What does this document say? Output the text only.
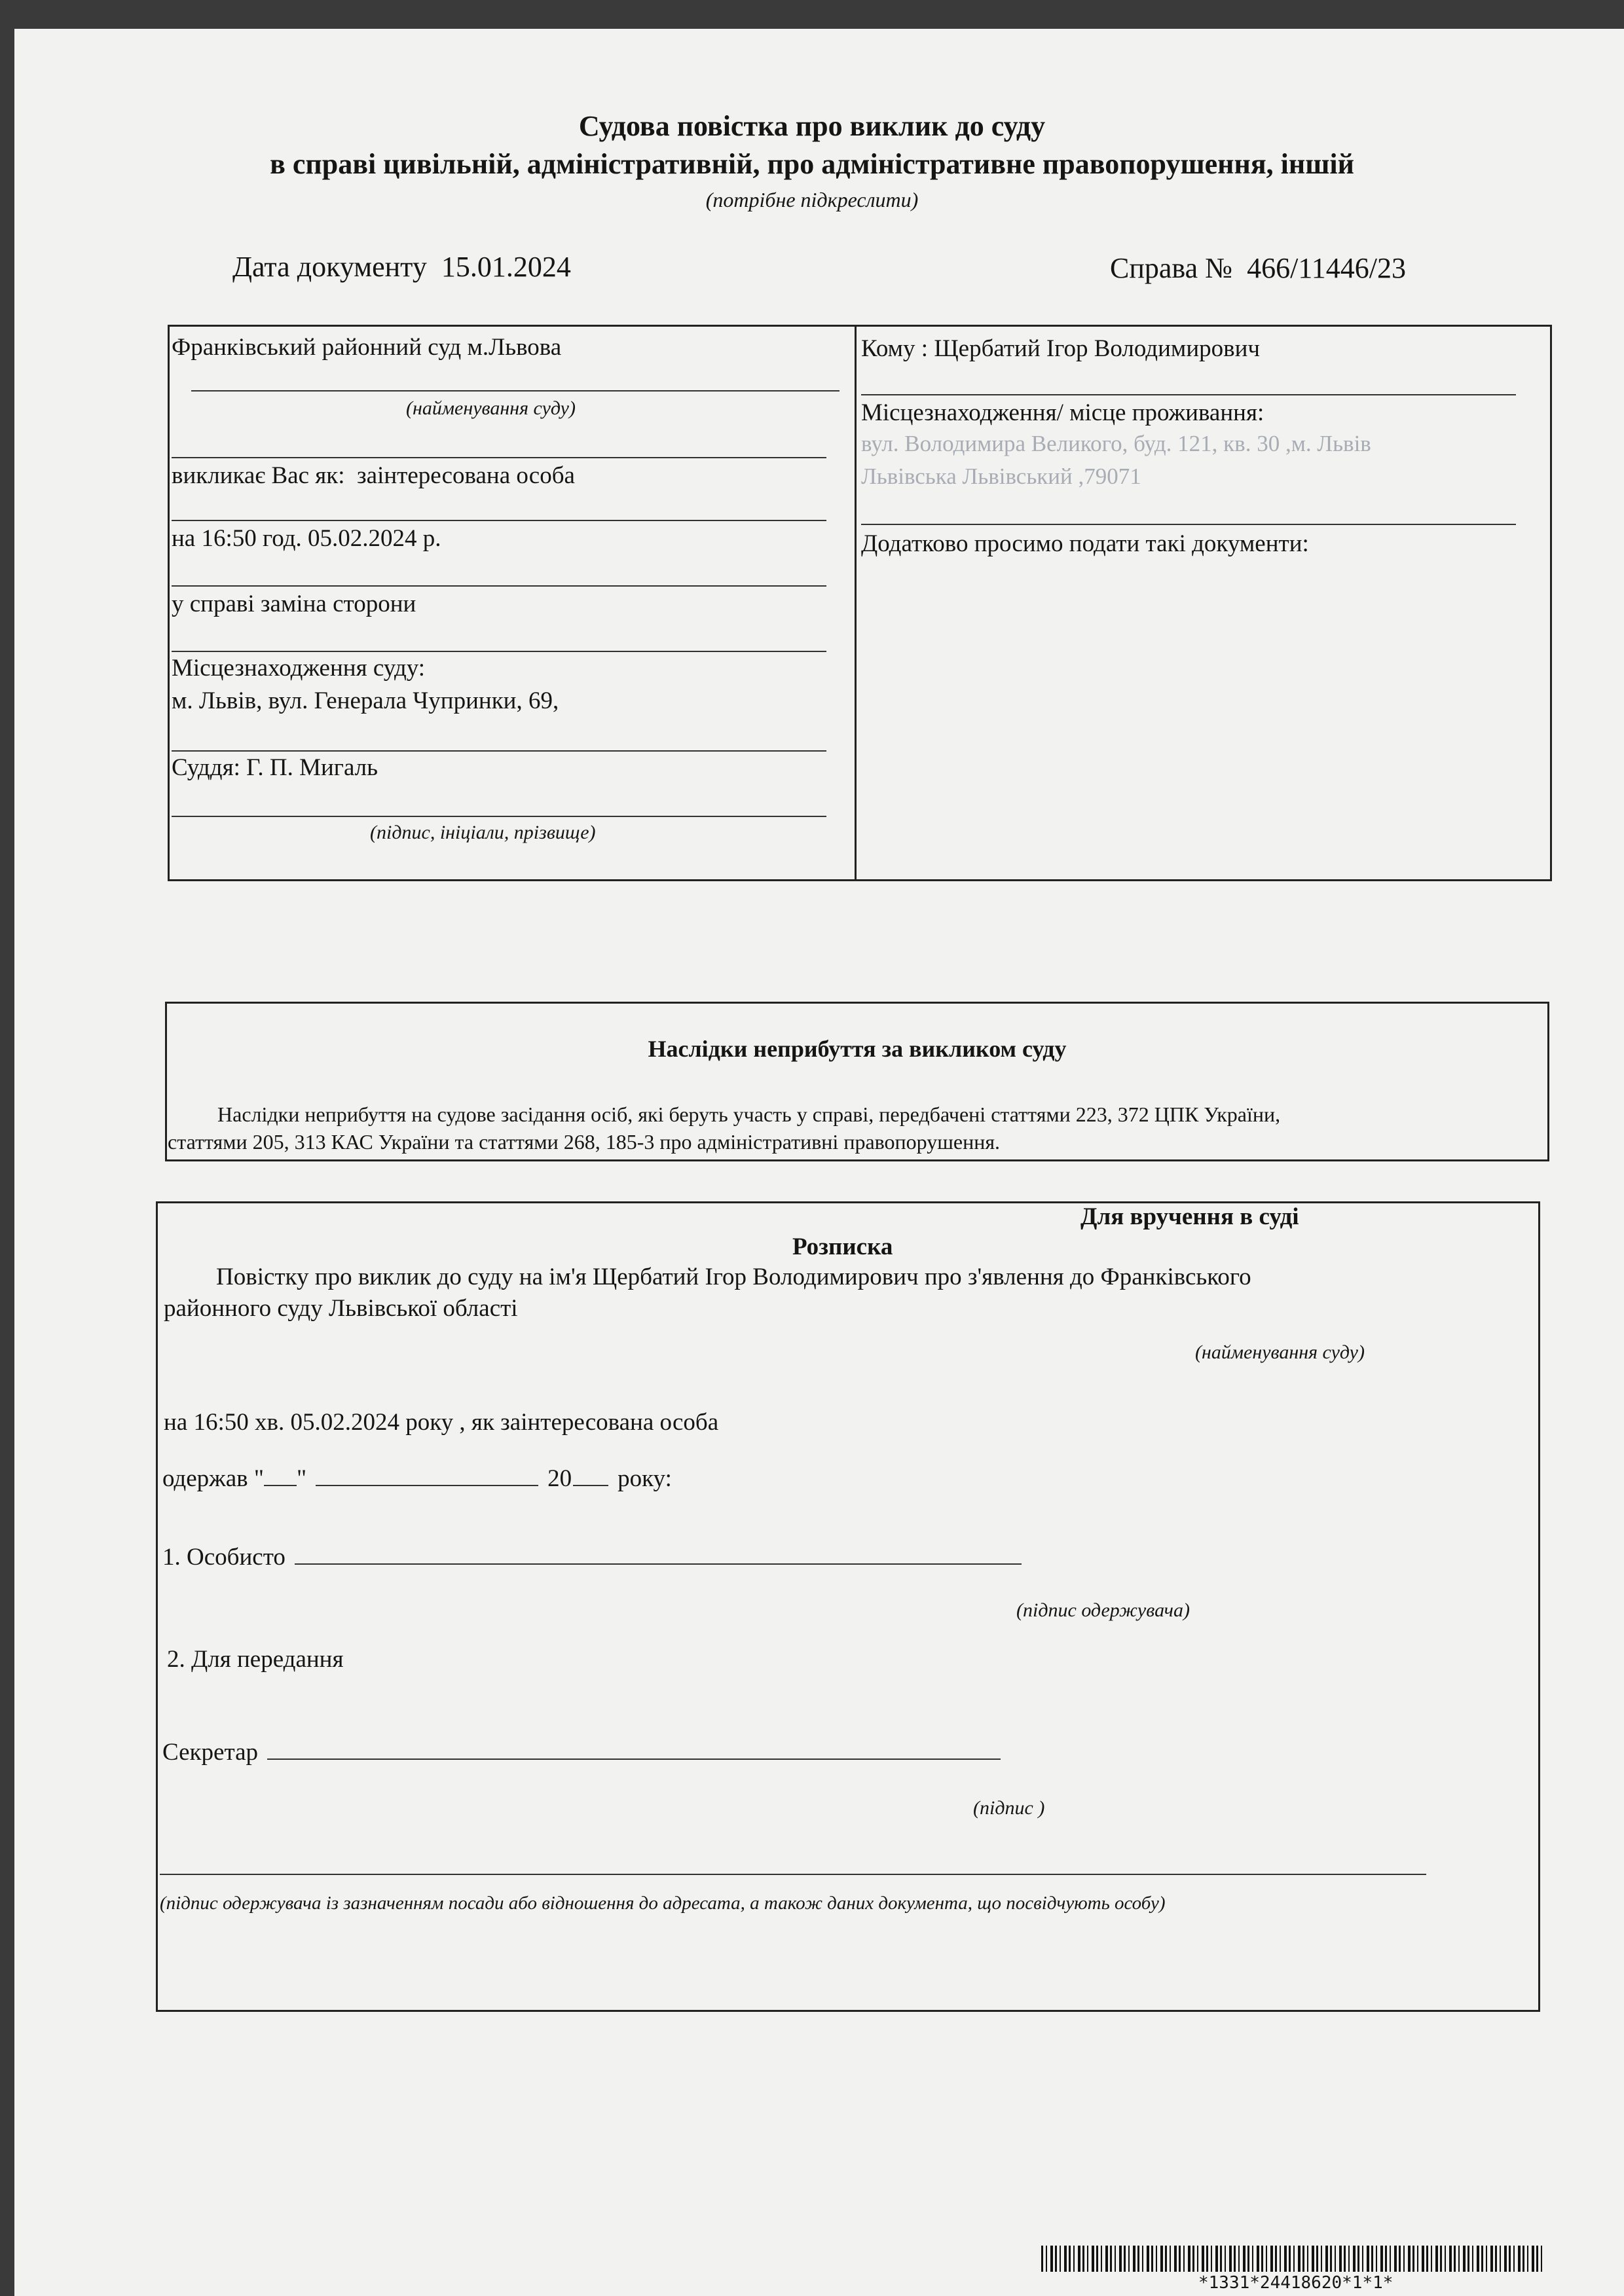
Судова повістка про виклик до суду
в справі цивільній, адміністративній, про адміністративне правопорушення, іншій
(потрібне підкреслити)
Дата документу 15.01.2024	Справа № 466/11446/23
Франківський районний суд м.Львова
(найменування суду)
викликає Вас як: заінтересована особа
на 16:50 год. 05.02.2024 р.
у справі заміна сторони
Місцезнаходження суду:
м. Львів, вул. Генерала Чупринки, 69,
Суддя: Г. П. Мигаль
(підпис, ініціали, прізвище)
Кому : Щербатий Ігор Володимирович
Місцезнаходження/ місце проживання:
вул. Володимира Великого, буд. 121, кв. 30 ,м. Львів
Львівська Львівський ,79071
Додатково просимо подати такі документи:
Наслідки неприбуття за викликом суду
Наслідки неприбуття на судове засідання осіб, які беруть участь у справі, передбачені статтями 223, 372 ЦПК України,
статтями 205, 313 КАС України та статтями 268, 185-3 про адміністративні правопорушення.
Для вручення в суді
Розписка
Повістку про виклик до суду на ім'я Щербатий Ігор Володимирович про з'явлення до Франківського
районного суду Львівської області
(найменування суду)
на 16:50 хв. 05.02.2024 року , як заінтересована особа
одержав " "	20 року:
1. Особисто
(підпис одержувача)
2. Для передання
Секретар
(підпис )
(підпис одержувача із зазначенням посади або відношення до адресата, а також даних документа, що посвідчують особу)
*1331*24418620*1*1*
